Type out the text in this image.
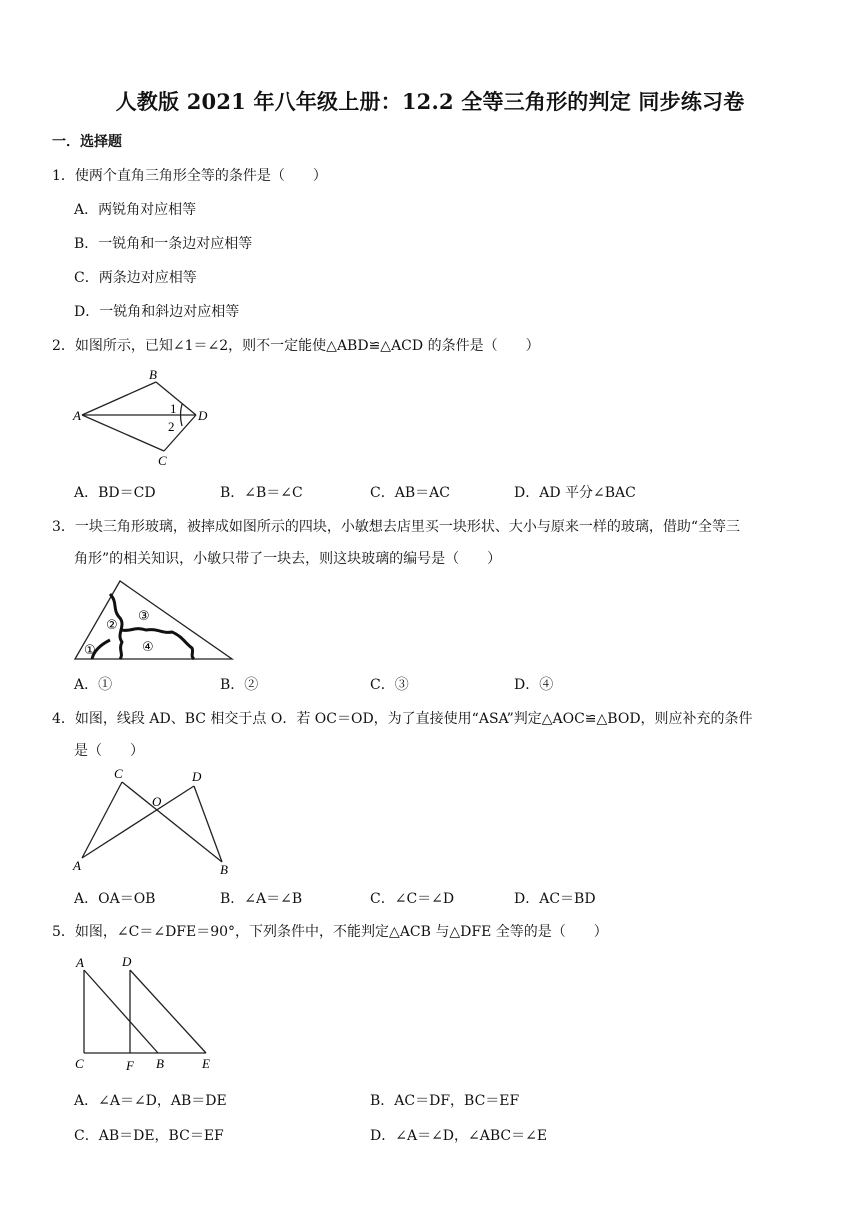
人教版 2021 年八年级上册：12.2 全等三角形的判定 同步练习卷
一．选择题
1．使两个直角三角形全等的条件是（　　）
A．两锐角对应相等
B．一锐角和一条边对应相等
C．两条边对应相等
D．一锐角和斜边对应相等
2．如图所示，已知∠1＝∠2，则不一定能使△ABD≌△ACD 的条件是（　　）
B
A	1 D
2
C
A．BD＝CD	B．∠B＝∠C	C．AB＝AC	D．AD 平分∠BAC
3．一块三角形玻璃，被摔成如图所示的四块，小敏想去店里买一块形状、大小与原来一样的玻璃，借助“全等三
角形”的相关知识，小敏只带了一块去，则这块玻璃的编号是（　　）
③
②
④
①
A．①	B．②	C．③	D．④
4．如图，线段 AD、BC 相交于点 O．若 OC＝OD，为了直接使用“ASA”判定△AOC≌△BOD，则应补充的条件
是（　　）
C	D
O
A	B
A．OA＝OB	B．∠A＝∠B	C．∠C＝∠D	D．AC＝BD
5．如图，∠C＝∠DFE＝90°，下列条件中，不能判定△ACB 与△DFE 全等的是（　　）
A	D
C	F B	E
A．∠A＝∠D，AB＝DE	B．AC＝DF，BC＝EF
C．AB＝DE，BC＝EF	D．∠A＝∠D，∠ABC＝∠E
